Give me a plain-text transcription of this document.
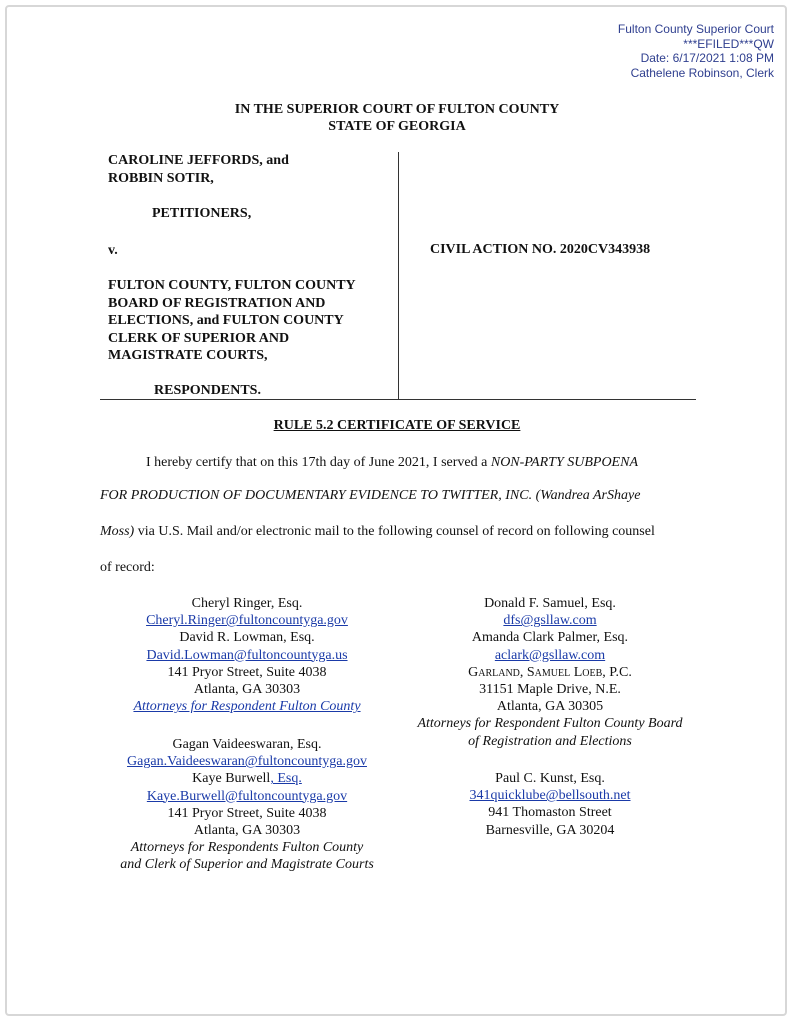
Fulton County Superior Court
***EFILED***QW
Date: 6/17/2021 1:08 PM
Cathelene Robinson, Clerk
IN THE SUPERIOR COURT OF FULTON COUNTY
STATE OF GEORGIA
CAROLINE JEFFORDS, and
ROBBIN SOTIR,
PETITIONERS,
v.
FULTON COUNTY, FULTON COUNTY
BOARD OF REGISTRATION AND
ELECTIONS, and FULTON COUNTY
CLERK OF SUPERIOR AND
MAGISTRATE COURTS,
RESPONDENTS.
CIVIL ACTION NO. 2020CV343938
RULE 5.2 CERTIFICATE OF SERVICE
I hereby certify that on this 17th day of June 2021, I served a NON-PARTY SUBPOENA
FOR PRODUCTION OF DOCUMENTARY EVIDENCE TO TWITTER, INC. (Wandrea ArShaye
Moss) via U.S. Mail and/or electronic mail to the following counsel of record on following counsel
of record:
Cheryl Ringer, Esq.
Cheryl.Ringer@fultoncountyga.gov
David R. Lowman, Esq.
David.Lowman@fultoncountyga.us
141 Pryor Street, Suite 4038
Atlanta, GA 30303
Attorneys for Respondent Fulton County
Gagan Vaideeswaran, Esq.
Gagan.Vaideeswaran@fultoncountyga.gov
Kaye Burwell, Esq.
Kaye.Burwell@fultoncountyga.gov
141 Pryor Street, Suite 4038
Atlanta, GA 30303
Attorneys for Respondents Fulton County
and Clerk of Superior and Magistrate Courts
Donald F. Samuel, Esq.
dfs@gsllaw.com
Amanda Clark Palmer, Esq.
aclark@gsllaw.com
Garland, Samuel Loeb, P.C.
31151 Maple Drive, N.E.
Atlanta, GA 30305
Attorneys for Respondent Fulton County Board
of Registration and Elections
Paul C. Kunst, Esq.
341quicklube@bellsouth.net
941 Thomaston Street
Barnesville, GA 30204
